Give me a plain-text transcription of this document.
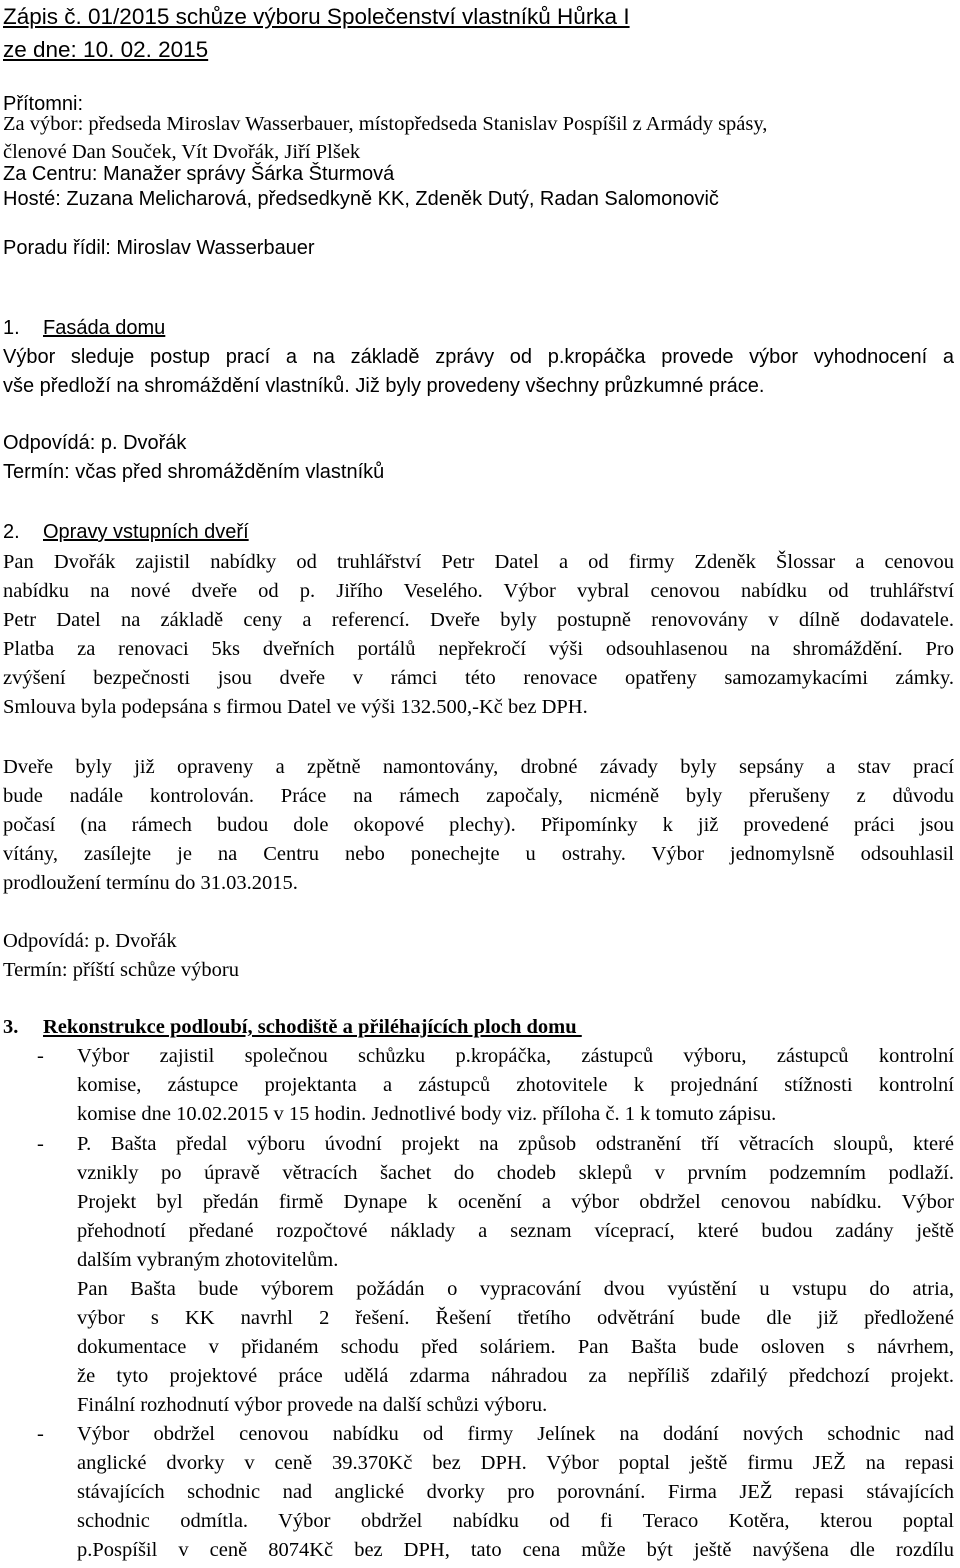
Zápis č. 01/2015 schůze výboru Společenství vlastníků Hůrka I
ze dne: 10. 02. 2015
Přítomni:
Za výbor: předseda Miroslav Wasserbauer, místopředseda Stanislav Pospíšil z Armády spásy,
členové Dan Souček, Vít Dvořák, Jiří Plšek
Za Centru: Manažer správy Šárka Šturmová
Hosté: Zuzana Melicharová, předsedkyně KK, Zdeněk Dutý, Radan Salomonovič
Poradu řídil: Miroslav Wasserbauer
1. Fasáda domu
Výbor sleduje postup prací a na základě zprávy od p.kropáčka provede výbor vyhodnocení a
vše předloží na shromáždění vlastníků. Již byly provedeny všechny průzkumné práce.
Odpovídá: p. Dvořák
Termín: včas před shromážděním vlastníků
2. Opravy vstupních dveří
Pan Dvořák zajistil nabídky od truhlářství Petr Datel a od firmy Zdeněk Šlossar a cenovou
nabídku na nové dveře od p. Jiřího Veselého. Výbor vybral cenovou nabídku od truhlářství
Petr Datel na základě ceny a referencí. Dveře byly postupně renovovány v dílně dodavatele.
Platba za renovaci 5ks dveřních portálů nepřekročí výši odsouhlasenou na shromáždění. Pro
zvýšení bezpečnosti jsou dveře v rámci této renovace opatřeny samozamykacími zámky.
Smlouva byla podepsána s firmou Datel ve výši 132.500,-Kč bez DPH.
Dveře byly již opraveny a zpětně namontovány, drobné závady byly sepsány a stav prací
bude nadále kontrolován. Práce na rámech započaly, nicméně byly přerušeny z důvodu
počasí (na rámech budou dole okopové plechy). Připomínky k již provedené práci jsou
vítány, zasílejte je na Centru nebo ponechejte u ostrahy. Výbor jednomylsně odsouhlasil
prodloužení termínu do 31.03.2015.
Odpovídá: p. Dvořák
Termín: příští schůze výboru
3. Rekonstrukce podloubí, schodiště a přiléhajících ploch domu
- Výbor zajistil společnou schůzku p.kropáčka, zástupců výboru, zástupců kontrolní
komise, zástupce projektanta a zástupců zhotovitele k projednání stížnosti kontrolní
komise dne 10.02.2015 v 15 hodin. Jednotlivé body viz. příloha č. 1 k tomuto zápisu.
- P. Bašta předal výboru úvodní projekt na způsob odstranění tří větracích sloupů, které
vznikly po úpravě větracích šachet do chodeb sklepů v prvním podzemním podlaží.
Projekt byl předán firmě Dynape k ocenění a výbor obdržel cenovou nabídku. Výbor
přehodnotí předané rozpočtové náklady a seznam víceprací, které budou zadány ještě
dalším vybraným zhotovitelům.
Pan Bašta bude výborem požádán o vypracování dvou vyústění u vstupu do atria,
výbor s KK navrhl 2 řešení. Řešení třetího odvětrání bude dle již předložené
dokumentace v přidaném schodu před soláriem. Pan Bašta bude osloven s návrhem,
že tyto projektové práce udělá zdarma náhradou za nepříliš zdařilý předchozí projekt.
Finální rozhodnutí výbor provede na další schůzi výboru.
- Výbor obdržel cenovou nabídku od firmy Jelínek na dodání nových schodnic nad
anglické dvorky v ceně 39.370Kč bez DPH. Výbor poptal ještě firmu JEŽ na repasi
stávajících schodnic nad anglické dvorky pro porovnání. Firma JEŽ repasi stávajících
schodnic odmítla. Výbor obdržel nabídku od fi Teraco Kotěra, kterou poptal
p.Pospíšil v ceně 8074Kč bez DPH, tato cena může být ještě navýšena dle rozdílu
